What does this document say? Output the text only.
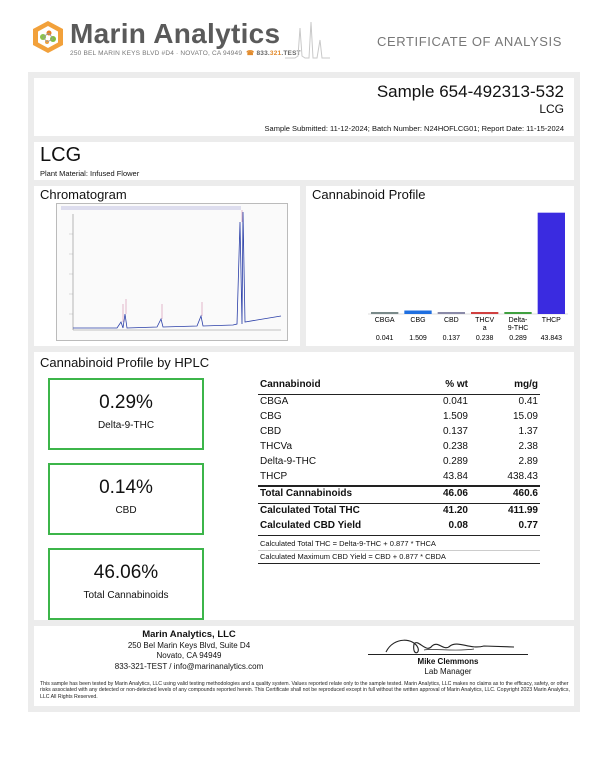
Marin Analytics
250 BEL MARIN KEYS BLVD #D4 · NOVATO, CA 94949 ☎ 833.321.TEST
CERTIFICATE OF ANALYSIS
Sample 654-492313-532
LCG
Sample Submitted: 11-12-2024; Batch Number: N24HOFLCG01; Report Date: 11-15-2024
LCG
Plant Material: Infused Flower
Chromatogram	Cannabinoid Profile
CBGA
0.041
CBG
1.509
CBD
0.137
THCV
a
0.238
Delta-
9-THC
0.289
THCP
43.843
Cannabinoid Profile by HPLC
0.29%
Delta-9-THC
0.14%
CBD
46.06%
Total Cannabinoids
Cannabinoid	% wt	mg/g
CBGA	0.041	0.41
CBG	1.509	15.09
CBD	0.137	1.37
THCVa	0.238	2.38
Delta-9-THC	0.289	2.89
THCP	43.84	438.43
Total Cannabinoids	46.06	460.6
Calculated Total THC	41.20	411.99
Calculated CBD Yield	0.08	0.77
Calculated Total THC = Delta-9-THC + 0.877 * THCA
Calculated Maximum CBD Yield = CBD + 0.877 * CBDA
Marin Analytics, LLC
250 Bel Marin Keys Blvd, Suite D4
Novato, CA 94949
833-321-TEST / info@marinanalytics.com	Mike Clemmons
Lab Manager
This sample has been tested by Marin Analytics, LLC using valid testing methodologies and a quality system. Values reported relate only to the sample tested. Marin Analytics, LLC makes no claims as to the efficacy, safety, or other risks associated with any detected or non-detected levels of any compounds reported herein. This Certificate shall not be reproduced except in full without the written approval of Marin Analytics, LLC. Copyright 2023 Marin Analytics, LLC All Rights Reserved.
